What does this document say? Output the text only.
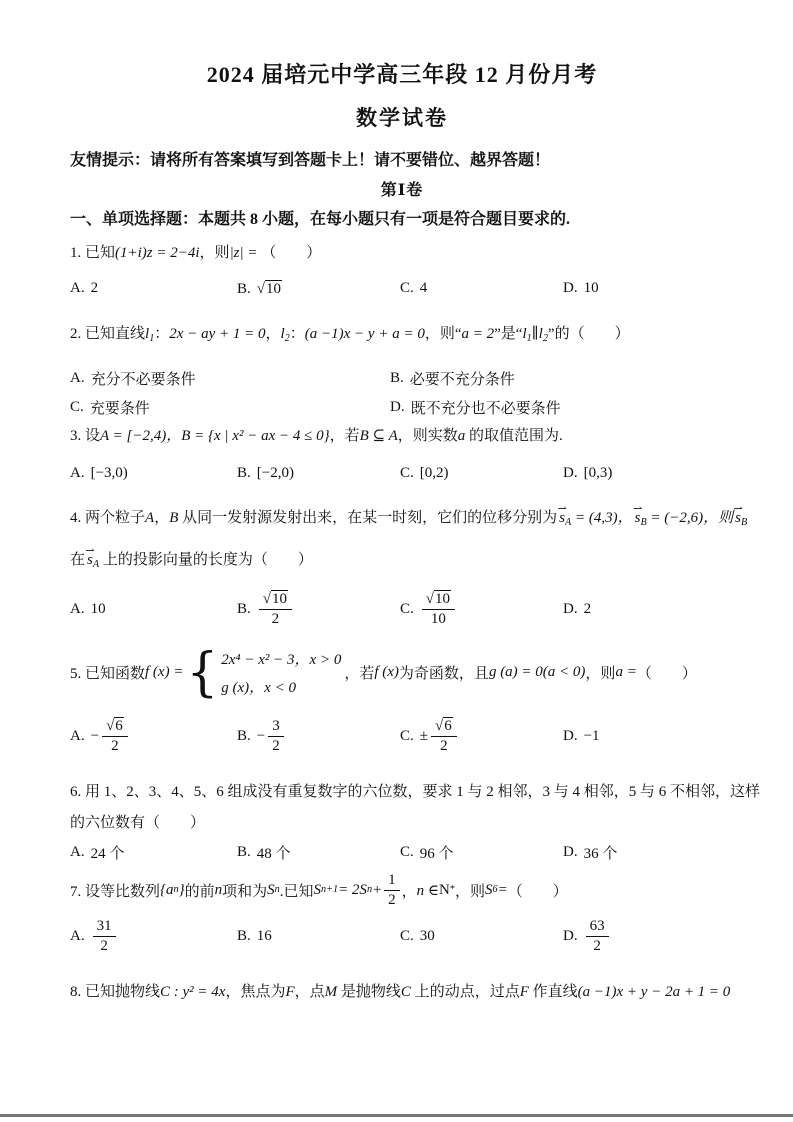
2024 届培元中学高三年段 12 月份月考
数学试卷
友情提示：请将所有答案填写到答题卡上！请不要错位、越界答题！
第Ⅰ卷
一、单项选择题：本题共 8 小题，在每小题只有一项是符合题目要求的.
1. 已知(1+i)z = 2−4i，则|z| = （　　）
A. 2	B. √ 10	C. 4	D. 10
2. 已知直线$l_1$：2x − ay + 1 = 0，$l_2$：(a −1)x − y + a = 0，则“a = 2”是“$l_1\parallel l_2$”的（　　）
A. 充分不必要条件	B. 必要不充分条件
C. 充要条件	D. 既不充分也不必要条件
3. 设A = [−2,4)，B = {x | x² − ax − 4 ≤ 0}，若B ⊆ A，则实数a 的取值范围为.
A. [−3,0)	B. [−2,0)	C. [0,2)	D. [0,3)
4. 两个粒子A，B 从同一发射源发射出来，在某一时刻，它们的位移分别为
⇀
$s_A = (4,3)$，
⇀
$s_B = (-2,6)$，则
⇀
$s_B$
在
⇀
$s_A$ 上的投影向量的长度为（　　）
A. 10	B. $\frac{√10}{2}$	C. $\frac{√10}{10}$	D. 2
5. 已知函数 f (x) = { 2x⁴ − x² − 3，x > 0
g (x)，x < 0
，若 f (x) 为奇函数，且 g (a) = 0(a < 0) ，则 a = （　　）
A. − $\frac{√6}{2}$	B. − $\frac{3}{2}$	C. ± $\frac{√6}{2}$	D. −1
6. 用 1、2、3、4、5、6 组成没有重复数字的六位数，要求 1 与 2 相邻，3 与 4 相邻，5 与 6 不相邻，这样
的六位数有（　　）
A. 24 个	B. 48 个	C. 96 个	D. 36 个
7. 设等比数列 {a n } 的前 n 项和为 S n .已知 S n+1 = 2S $n + \frac{1}{2}$ ， n ∈ N * ，则 S 6 = （　　）
A. $\frac{31}{2}$	B. 16	C. 30	D. $\frac{63}{2}$
8. 已知抛物线C : y² = 4x，焦点为F，点M 是抛物线C 上的动点，过点F 作直线(a −1)x + y − 2a + 1 = 0
